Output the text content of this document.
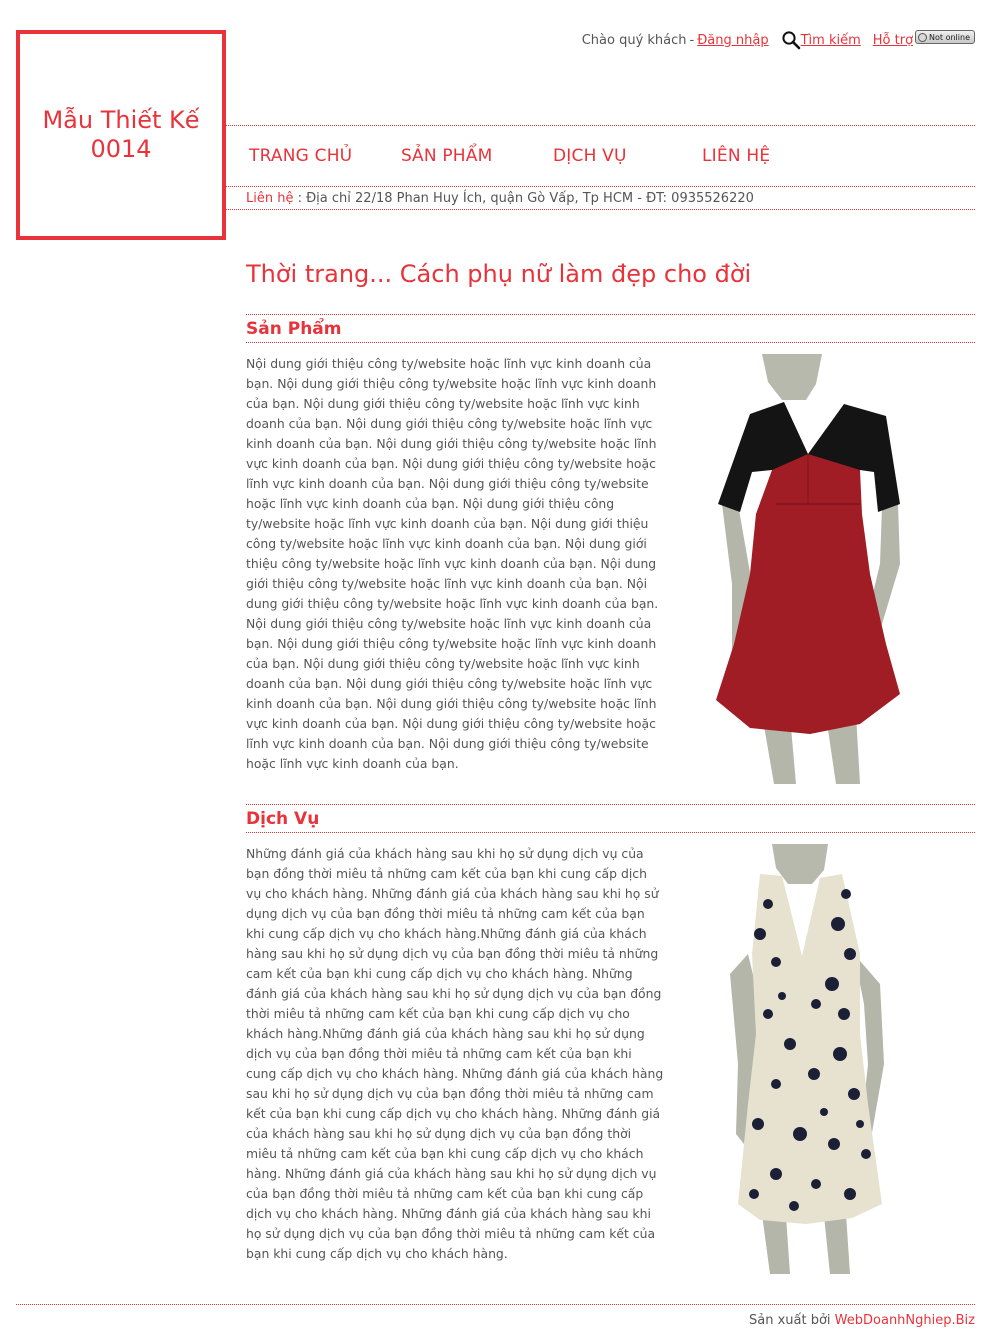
Mẫu Thiết Kế 0014
Chào quý khách - Đăng nhập Tìm kiếm Hỗ trợ Not online
TRANG CHỦ	SẢN PHẨM	DỊCH VỤ	LIÊN HỆ
Liên hệ : Địa chỉ 22/18 Phan Huy Ích, quận Gò Vấp, Tp HCM - ĐT: 0935526220
Thời trang... Cách phụ nữ làm đẹp cho đời
Sản Phẩm

Nội dung giới thiệu công ty/website hoặc lĩnh vực kinh doanh của bạn. Nội dung giới thiệu công ty/website hoặc lĩnh vực kinh doanh của bạn. Nội dung giới thiệu công ty/website hoặc lĩnh vực kinh doanh của bạn. Nội dung giới thiệu công ty/website hoặc lĩnh vực kinh doanh của bạn. Nội dung giới thiệu công ty/website hoặc lĩnh vực kinh doanh của bạn. Nội dung giới thiệu công ty/website hoặc lĩnh vực kinh doanh của bạn. Nội dung giới thiệu công ty/website hoặc lĩnh vực kinh doanh của bạn. Nội dung giới thiệu công ty/website hoặc lĩnh vực kinh doanh của bạn. Nội dung giới thiệu công ty/website hoặc lĩnh vực kinh doanh của bạn. Nội dung giới thiệu công ty/website hoặc lĩnh vực kinh doanh của bạn. Nội dung giới thiệu công ty/website hoặc lĩnh vực kinh doanh của bạn. Nội dung giới thiệu công ty/website hoặc lĩnh vực kinh doanh của bạn. Nội dung giới thiệu công ty/website hoặc lĩnh vực kinh doanh của bạn. Nội dung giới thiệu công ty/website hoặc lĩnh vực kinh doanh của bạn. Nội dung giới thiệu công ty/website hoặc lĩnh vực kinh doanh của bạn. Nội dung giới thiệu công ty/website hoặc lĩnh vực kinh doanh của bạn. Nội dung giới thiệu công ty/website hoặc lĩnh vực kinh doanh của bạn. Nội dung giới thiệu công ty/website hoặc lĩnh vực kinh doanh của bạn. Nội dung giới thiệu công ty/website hoặc lĩnh vực kinh doanh của bạn.

Dịch Vụ

Những đánh giá của khách hàng sau khi họ sử dụng dịch vụ của bạn đồng thời miêu tả những cam kết của bạn khi cung cấp dịch vụ cho khách hàng. Những đánh giá của khách hàng sau khi họ sử dụng dịch vụ của bạn đồng thời miêu tả những cam kết của bạn khi cung cấp dịch vụ cho khách hàng.Những đánh giá của khách hàng sau khi họ sử dụng dịch vụ của bạn đồng thời miêu tả những cam kết của bạn khi cung cấp dịch vụ cho khách hàng. Những đánh giá của khách hàng sau khi họ sử dụng dịch vụ của bạn đồng thời miêu tả những cam kết của bạn khi cung cấp dịch vụ cho khách hàng.Những đánh giá của khách hàng sau khi họ sử dụng dịch vụ của bạn đồng thời miêu tả những cam kết của bạn khi cung cấp dịch vụ cho khách hàng. Những đánh giá của khách hàng sau khi họ sử dụng dịch vụ của bạn đồng thời miêu tả những cam kết của bạn khi cung cấp dịch vụ cho khách hàng. Những đánh giá của khách hàng sau khi họ sử dụng dịch vụ của bạn đồng thời miêu tả những cam kết của bạn khi cung cấp dịch vụ cho khách hàng. Những đánh giá của khách hàng sau khi họ sử dụng dịch vụ của bạn đồng thời miêu tả những cam kết của bạn khi cung cấp dịch vụ cho khách hàng. Những đánh giá của khách hàng sau khi họ sử dụng dịch vụ của bạn đồng thời miêu tả những cam kết của bạn khi cung cấp dịch vụ cho khách hàng.

Sản xuất bởi WebDoanhNghiep.Biz
